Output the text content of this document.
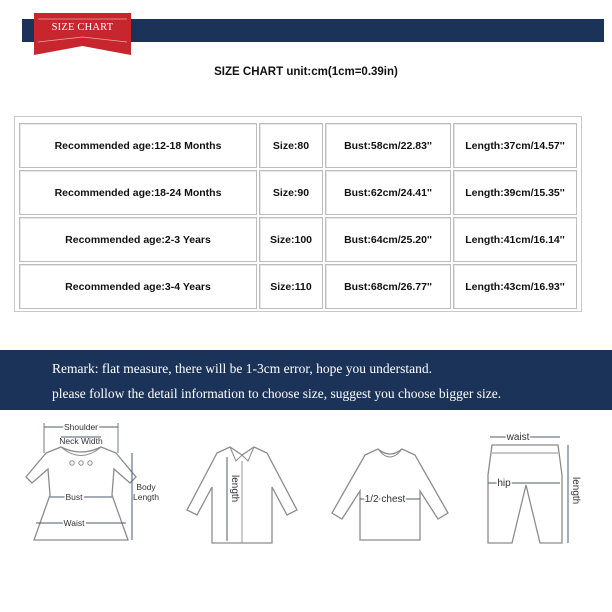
SIZE CHART
SIZE CHART unit:cm(1cm=0.39in)
Recommended age:12-18 Months	Size:80	Bust:58cm/22.83''	Length:37cm/14.57''
Recommended age:18-24 Months	Size:90	Bust:62cm/24.41''	Length:39cm/15.35''
Recommended age:2-3 Years	Size:100	Bust:64cm/25.20''	Length:41cm/16.14''
Recommended age:3-4 Years	Size:110	Bust:68cm/26.77''	Length:43cm/16.93''
Remark: flat measure, there will be 1-3cm error, hope you understand.
please follow the detail information to choose size, suggest you choose bigger size.
Shoulder
Neck Width
Bust
Waist
Body
Length	length	1/2 chest
waist
hip	length
